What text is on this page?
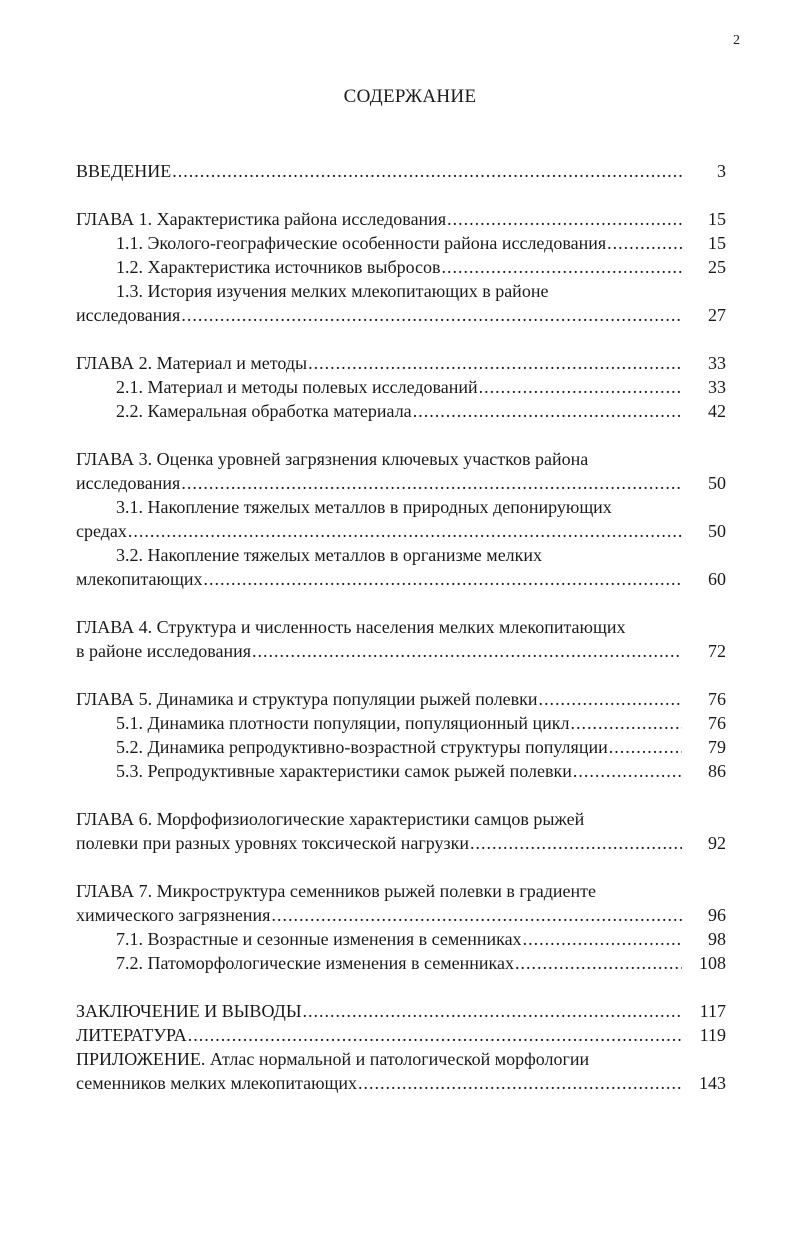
2
СОДЕРЖАНИЕ
ВВЕДЕНИЕ .....	3
ГЛАВА 1. Характеристика района исследования .....	15
1.1. Эколого-географические особенности района исследования .....	15
1.2. Характеристика источников выбросов .....	25
1.3. История изучения мелких млекопитающих в районе
исследования .....	27
ГЛАВА 2. Материал и методы .....	33
2.1. Материал и методы полевых исследований .....	33
2.2. Камеральная обработка материала .....	42
ГЛАВА 3. Оценка уровней загрязнения ключевых участков района
исследования .....	50
3.1. Накопление тяжелых металлов в природных депонирующих
средах .....	50
3.2. Накопление тяжелых металлов в организме мелких
млекопитающих .....	60
ГЛАВА 4. Структура и численность населения мелких млекопитающих
в районе исследования .....	72
ГЛАВА 5. Динамика и структура популяции рыжей полевки .....	76
5.1. Динамика плотности популяции, популяционный цикл .....	76
5.2. Динамика репродуктивно-возрастной структуры популяции .....	79
5.3. Репродуктивные характеристики самок рыжей полевки .....	86
ГЛАВА 6. Морфофизиологические характеристики самцов рыжей
полевки при разных уровнях токсической нагрузки .....	92
ГЛАВА 7. Микроструктура семенников рыжей полевки в градиенте
химического загрязнения .....	96
7.1. Возрастные и сезонные изменения в семенниках .....	98
7.2. Патоморфологические изменения в семенниках .....	108
ЗАКЛЮЧЕНИЕ И ВЫВОДЫ .....	117
ЛИТЕРАТУРА .....	119
ПРИЛОЖЕНИЕ. Атлас нормальной и патологической морфологии
семенников мелких млекопитающих .....	143
